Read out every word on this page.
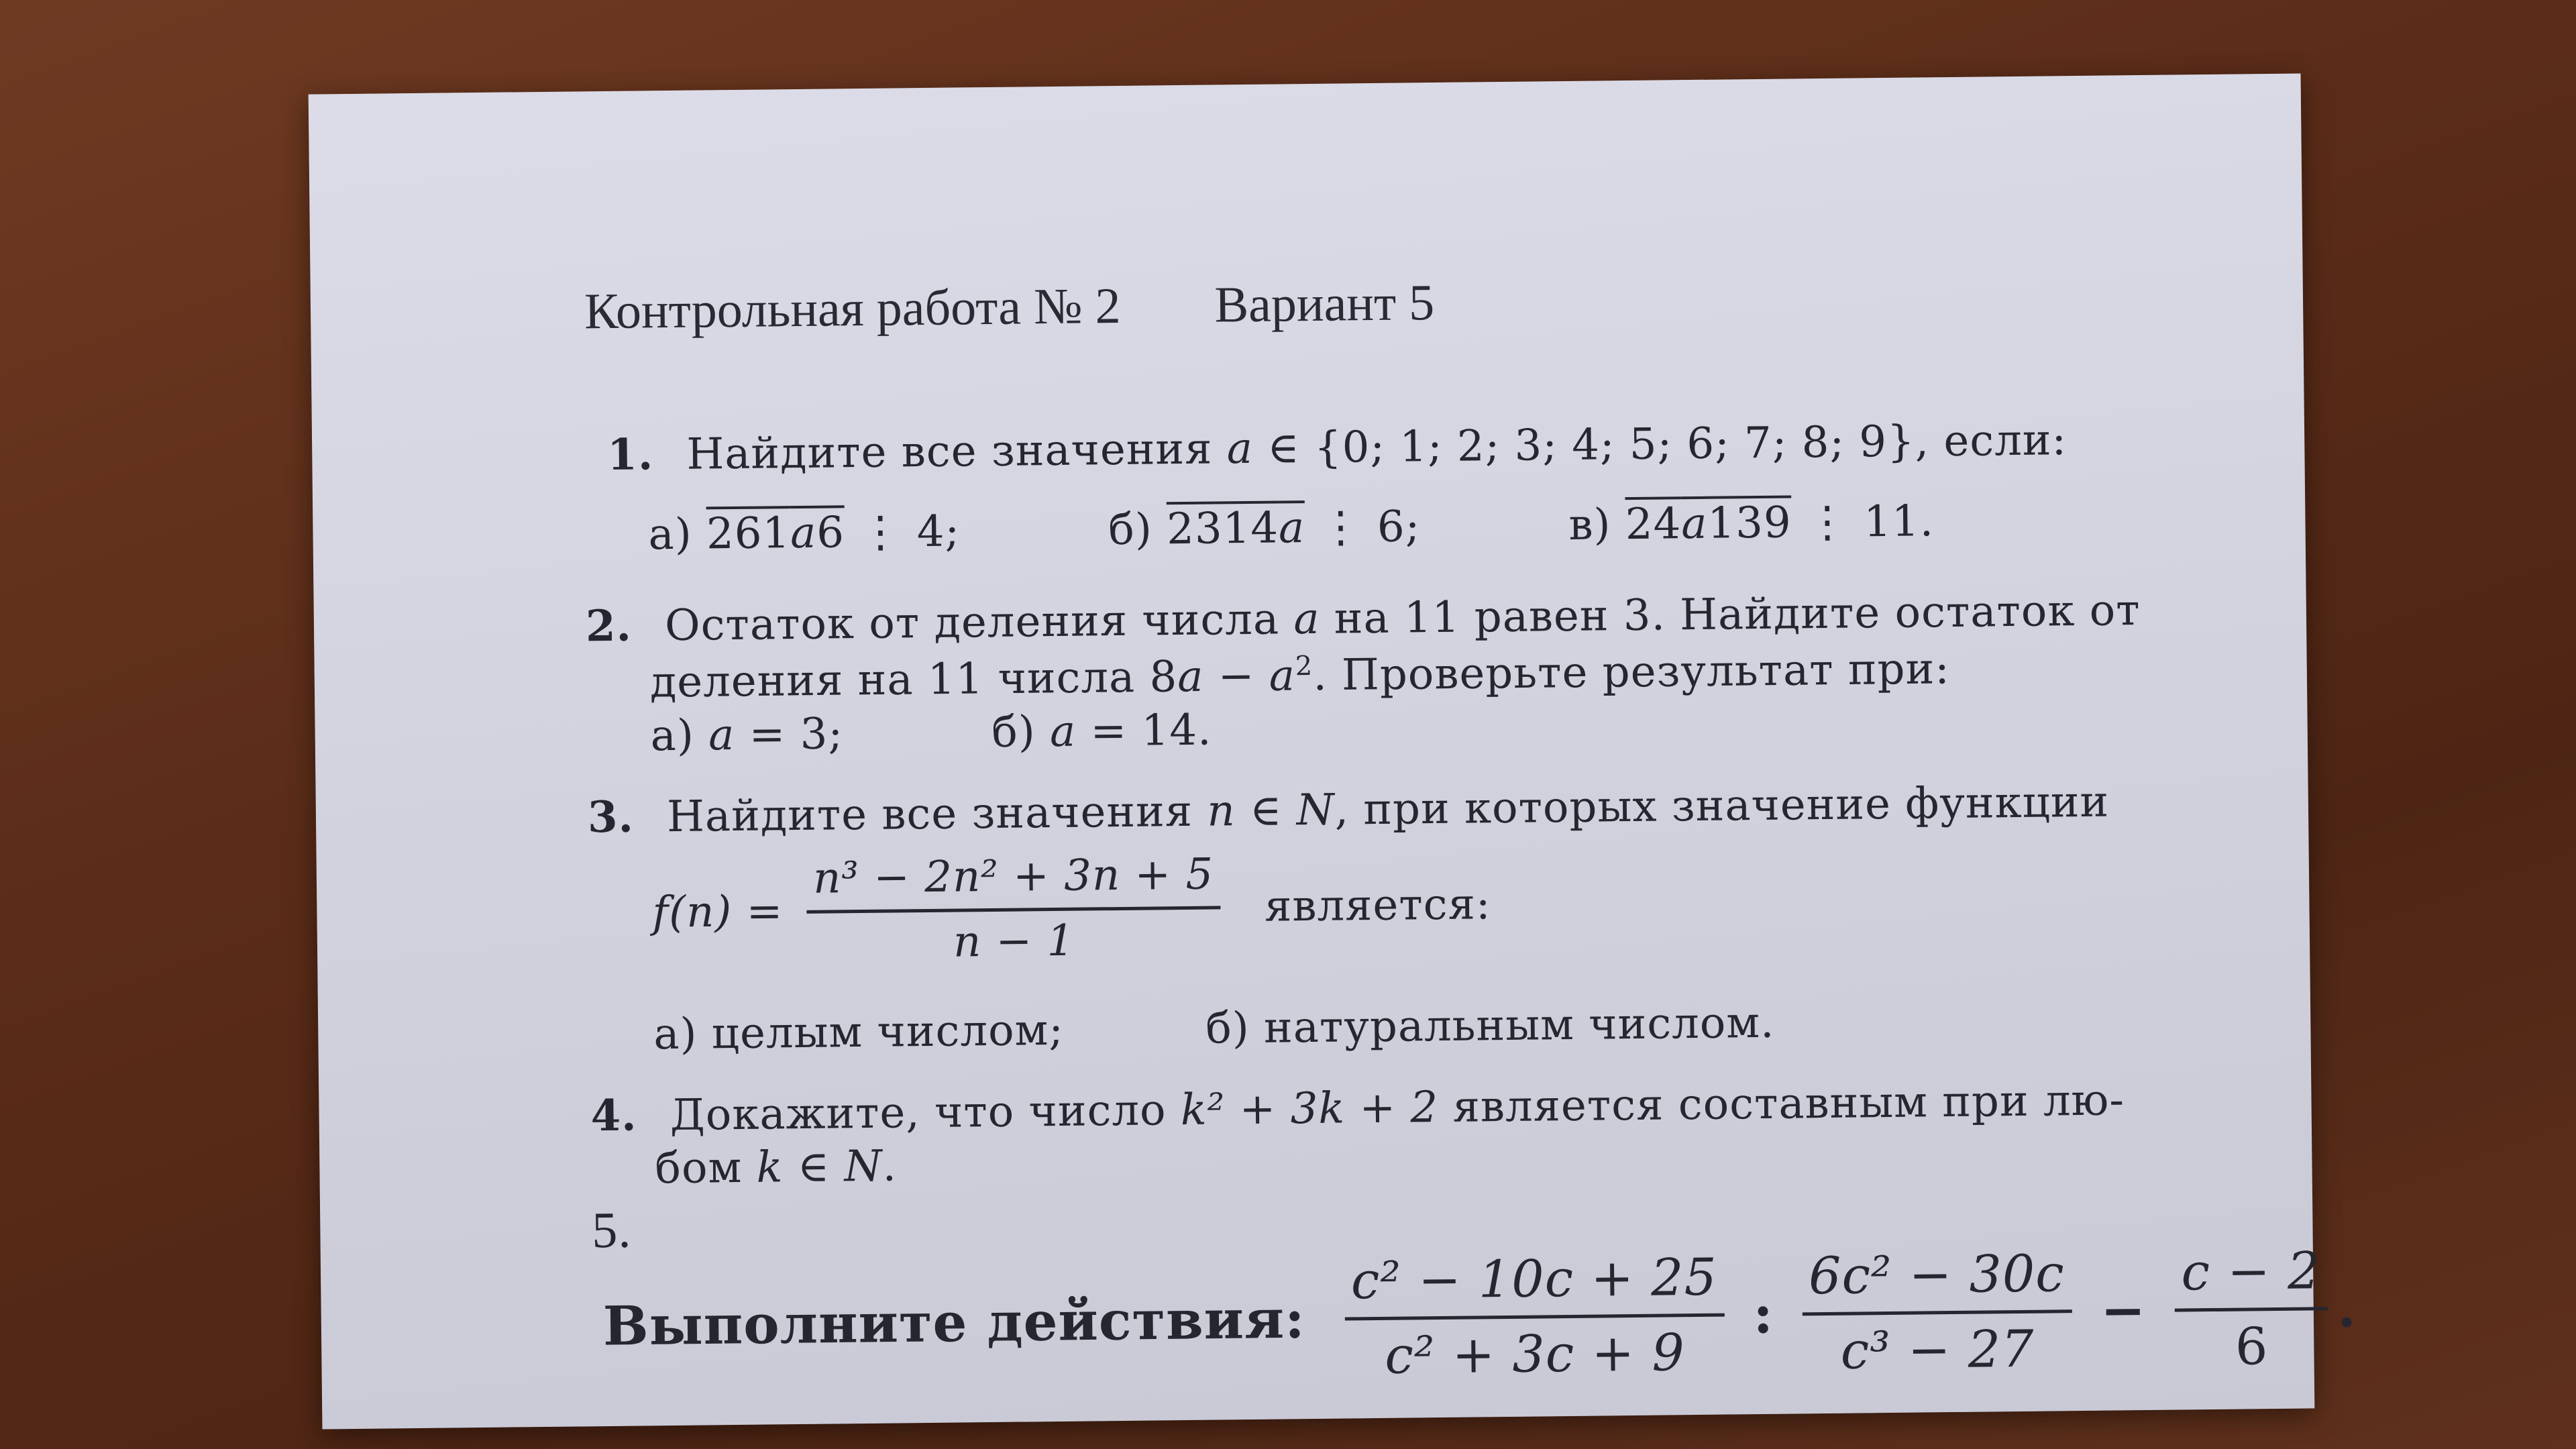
Контрольная работа № 2 Вариант 5
1. Найдите все значения a ∈ {0; 1; 2; 3; 4; 5; 6; 7; 8; 9}, если:
а) 261a6 ⋮ 4;	б) 2314a ⋮ 6;	в) 24a139 ⋮ 11.
2. Остаток от деления числа a на 11 равен 3. Найдите остаток от
деления на 11 числа $8a - a^2$. Проверьте результат при:
а) a = 3;	б) a = 14.
3. Найдите все значения n ∈ N, при которых значение функции
$f(n) = \frac{\text{n³ − 2n² + 3n + 5}}{n - 1}$ является:
а) целым числом;	б) натуральным числом.
4. Докажите, что число k² + 3k + 2 является составным при лю-
бом k ∈ N.
5.
Выполните действия: $\frac{\text{c² − 10c + 25}}{\text{c² + 3c + 9}}$ : $\frac{\text{6c² − 30c}}{\text{c³ − 27}} - \frac{c - 2}{6}$ .
